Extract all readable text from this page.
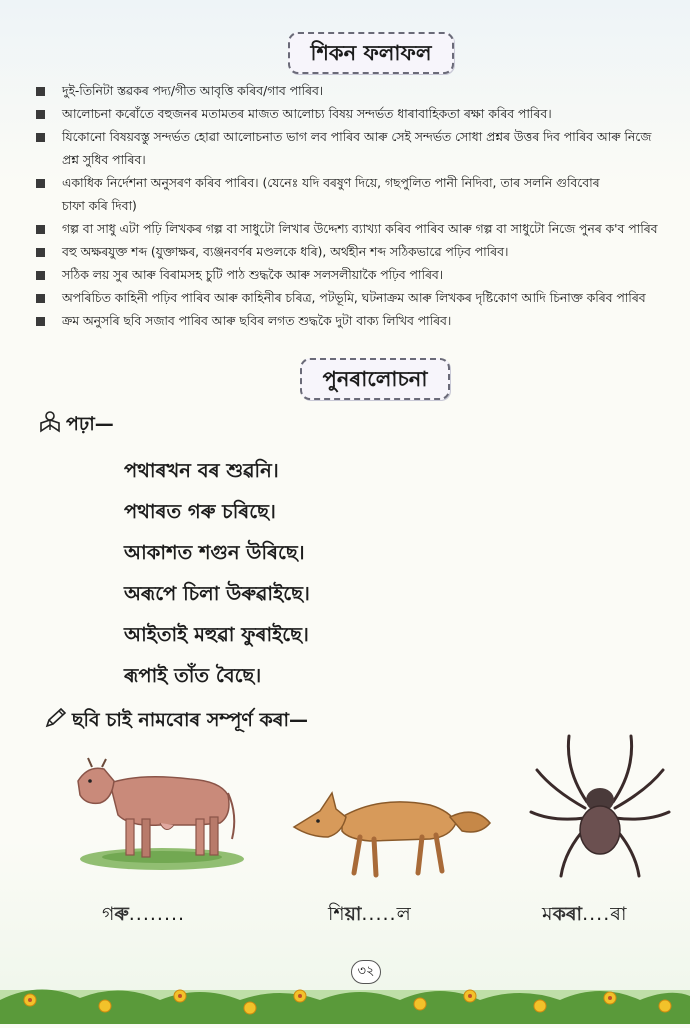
শিকন ফলাফল
দুই-তিনিটা স্তৱকৰ পদ্য/গীত আবৃত্তি কৰিব/গাব পাৰিব।
আলোচনা কৰোঁতে বহুজনৰ মতামতৰ মাজত আলোচ্য বিষয় সন্দৰ্ভত ধাৰাবাহিকতা ৰক্ষা কৰিব পাৰিব।
যিকোনো বিষয়বস্তু সন্দৰ্ভত হোৱা আলোচনাত ভাগ লব পাৰিব আৰু সেই সন্দৰ্ভত সোধা প্ৰশ্নৰ উত্তৰ দিব পাৰিব আৰু নিজে
প্ৰশ্ন সুধিব পাৰিব।
একাধিক নিৰ্দেশনা অনুসৰণ কৰিব পাৰিব। (যেনেঃ যদি বৰষুণ দিয়ে, গছপুলিত পানী নিদিবা, তাৰ সলনি গুবিবোৰ
চাফা কৰি দিবা)
গল্প বা সাধু এটা পঢ়ি লিখকৰ গল্প বা সাধুটো লিখাৰ উদ্দেশ্য ব্যাখ্যা কৰিব পাৰিব আৰু গল্প বা সাধুটো নিজে পুনৰ ক'ব পাৰিব
বহু অক্ষৰযুক্ত শব্দ (যুক্তাক্ষৰ, ব্যঞ্জনবৰ্ণৰ মণ্ডলকে ধৰি), অৰ্থহীন শব্দ সঠিকভাৱে পঢ়িব পাৰিব।
সঠিক লয় সুৰ আৰু বিৰামসহ চুটি পাঠ শুদ্ধকৈ আৰু সলসলীয়াকৈ পঢ়িব পাৰিব।
অপৰিচিত কাহিনী পঢ়িব পাৰিব আৰু কাহিনীৰ চৰিত্ৰ, পটভূমি, ঘটনাক্ৰম আৰু লিখকৰ দৃষ্টিকোণ আদি চিনাক্ত কৰিব পাৰিব
ক্ৰম অনুসৰি ছবি সজাব পাৰিব আৰু ছবিৰ লগত শুদ্ধকৈ দুটা বাক্য লিখিব পাৰিব।
পুনৰালোচনা
পঢ়া—
পথাৰখন বৰ শুৱনি।
পথাৰত গৰু চৰিছে।
আকাশত শগুন উৰিছে।
অৰূপে চিলা উৰুৱাইছে।
আইতাই মহুৱা ফুৰাইছে।
ৰূপাই তাঁত বৈছে।
ছবি চাই নামবোৰ সম্পূৰ্ণ কৰা—
গৰু........	শিয়া.....ল	মকৰা....ৰা
৩২
